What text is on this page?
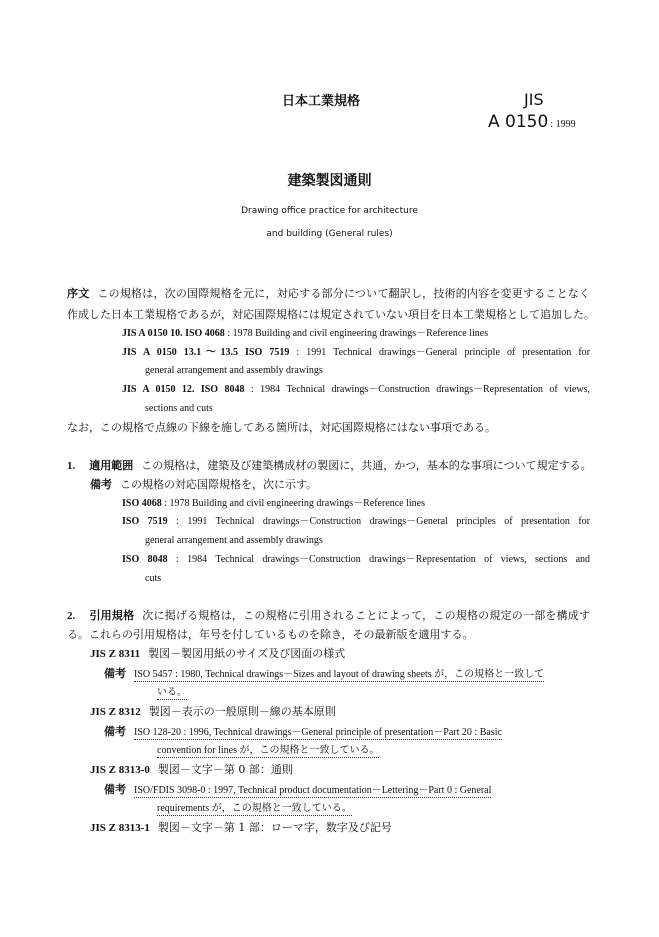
日本工業規格	JIS
A 0150 : 1999
建築製図通則
Drawing office practice for architecture
and building (General rules)
序文 この規格は，次の国際規格を元に，対応する部分について翻訳し，技術的内容を変更することなく
作成した日本工業規格であるが，対応国際規格には規定されていない項目を日本工業規格として追加した。
JIS A 0150 10. ISO 4068 : 1978 Building and civil engineering drawings－Reference lines
JIS A 0150 13.1～13.5 ISO 7519 : 1991 Technical drawings－General principle of presentation for
general arrangement and assembly drawings
JIS A 0150 12. ISO 8048 : 1984 Technical drawings－Construction drawings－Representation of views,
sections and cuts
なお，この規格で点線の下線を施してある箇所は，対応国際規格にはない事項である。
1. 適用範囲 この規格は，建築及び建築構成材の製図に，共通，かつ，基本的な事項について規定する。
備考 この規格の対応国際規格を，次に示す。
ISO 4068 : 1978 Building and civil engineering drawings－Reference lines
ISO 7519 : 1991 Technical drawings－Construction drawings－General principles of presentation for
general arrangement and assembly drawings
ISO 8048 : 1984 Technical drawings－Construction drawings－Representation of views, sections and
cuts
2. 引用規格 次に掲げる規格は，この規格に引用されることによって，この規格の規定の一部を構成す
る。これらの引用規格は，年号を付しているものを除き，その最新版を適用する。
JIS Z 8311 製図－製図用紙のサイズ及び図面の様式
備考 ISO 5457 : 1980, Technical drawings－Sizes and layout of drawing sheets が，この規格と一致して
いる。
JIS Z 8312 製図－表示の一般原則－線の基本原則
備考 ISO 128-20 : 1996, Technical drawings－General principle of presentation－Part 20 : Basic
convention for lines が，この規格と一致している。
JIS Z 8313-0 製図－文字－第 0 部：通則
備考 ISO/FDIS 3098-0 : 1997, Technical product documentation－Lettering－Part 0 : General
requirements が，この規格と一致している。
JIS Z 8313-1 製図－文字－第 1 部：ローマ字，数字及び記号
